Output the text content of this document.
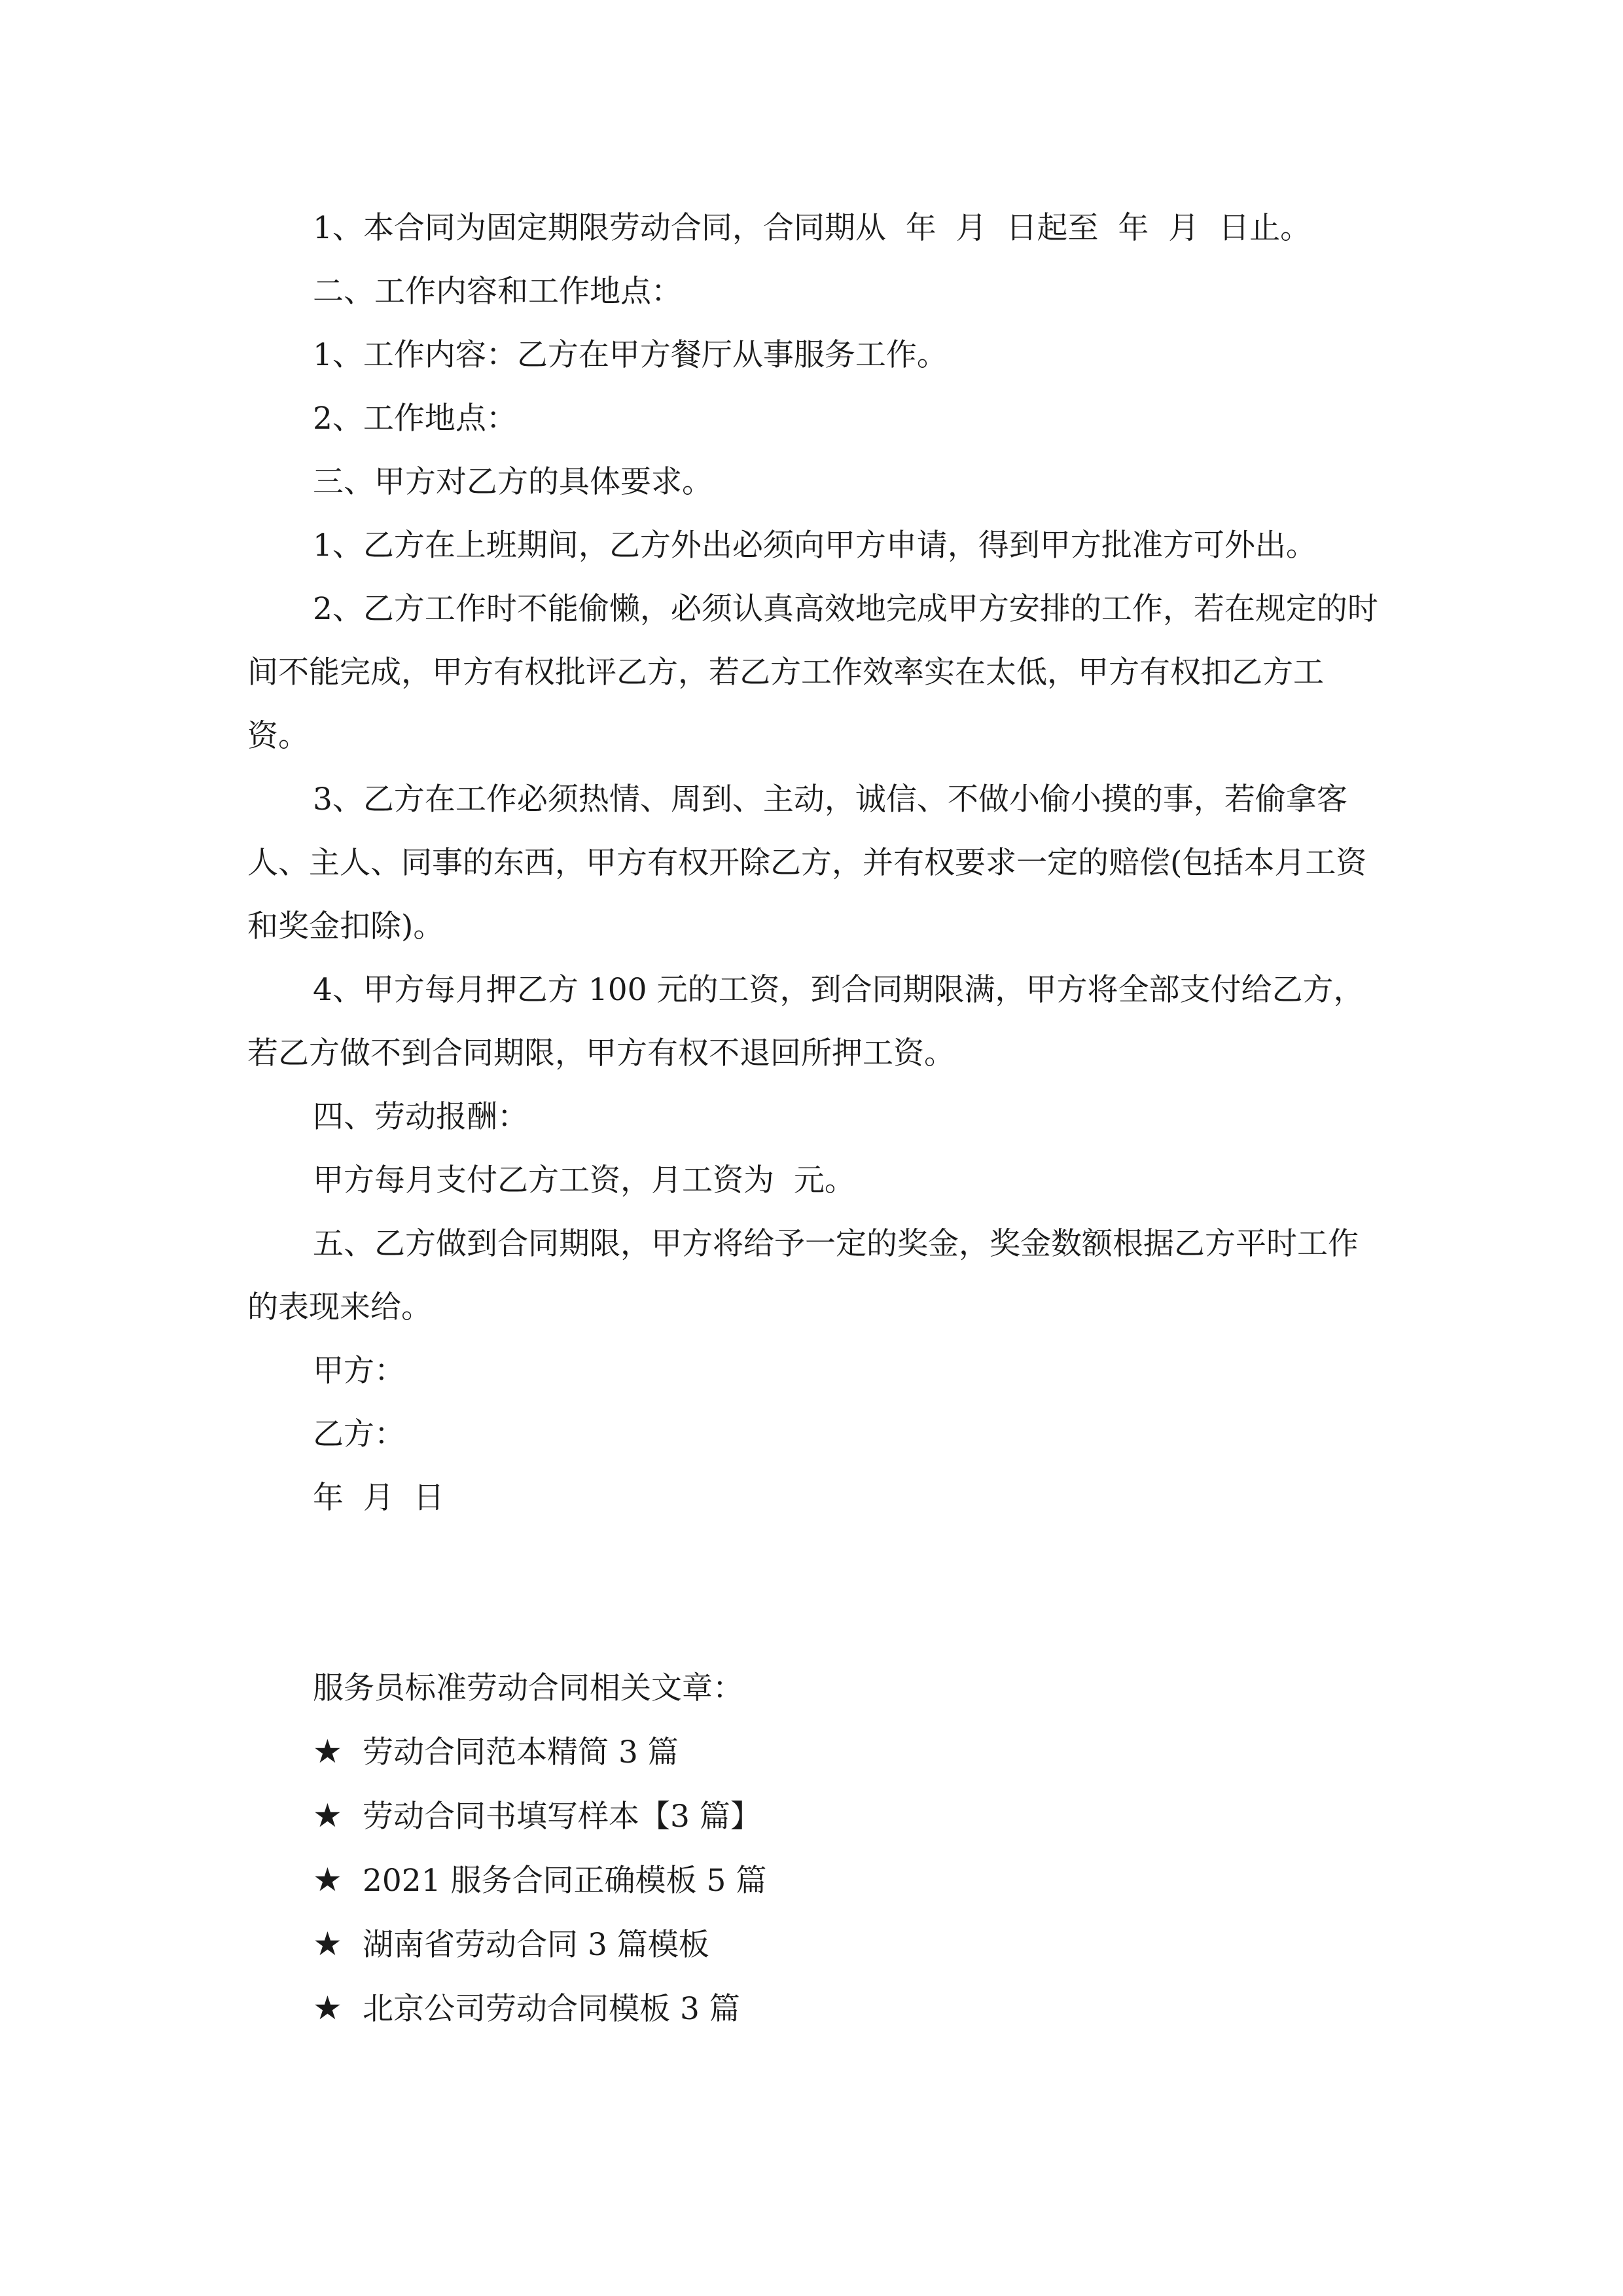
1、本合同为固定期限劳动合同，合同期从  年  月  日起至  年  月  日止。

二、工作内容和工作地点：

1、工作内容：乙方在甲方餐厅从事服务工作。

2、工作地点：

三、甲方对乙方的具体要求。

1、乙方在上班期间，乙方外出必须向甲方申请，得到甲方批准方可外出。

2、乙方工作时不能偷懒，必须认真高效地完成甲方安排的工作，若在规定的时间不能完成，甲方有权批评乙方，若乙方工作效率实在太低，甲方有权扣乙方工资。

3、乙方在工作必须热情、周到、主动，诚信、不做小偷小摸的事，若偷拿客人、主人、同事的东西，甲方有权开除乙方，并有权要求一定的赔偿(包括本月工资和奖金扣除)。

4、甲方每月押乙方 100 元的工资，到合同期限满，甲方将全部支付给乙方，若乙方做不到合同期限，甲方有权不退回所押工资。

四、劳动报酬：

甲方每月支付乙方工资，月工资为  元。

五、乙方做到合同期限，甲方将给予一定的奖金，奖金数额根据乙方平时工作的表现来给。

甲方：

乙方：

年  月  日

服务员标准劳动合同相关文章：

★ 劳动合同范本精简 3 篇

★ 劳动合同书填写样本【3 篇】

★ 2021 服务合同正确模板 5 篇

★ 湖南省劳动合同 3 篇模板

★ 北京公司劳动合同模板 3 篇
